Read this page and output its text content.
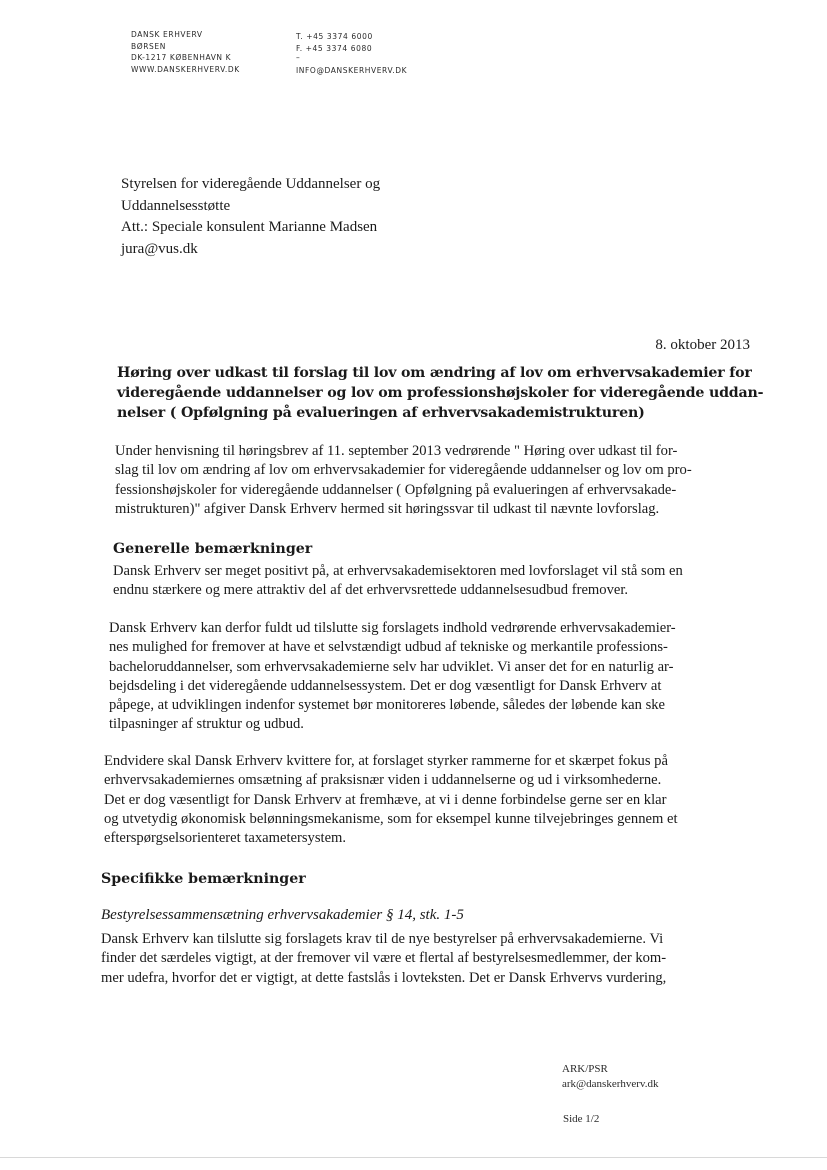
DANSK ERHVERV
BØRSEN
DK-1217 KØBENHAVN K
WWW.DANSKERHVERV.DK
T. +45 3374 6000
F. +45 3374 6080
–
INFO@DANSKERHVERV.DK
Styrelsen for videregående Uddannelser og
Uddannelsesstøtte
Att.: Speciale konsulent Marianne Madsen
jura@vus.dk
8. oktober 2013
Høring over udkast til forslag til lov om ændring af lov om erhvervsakademier for
videregående uddannelser og lov om professionshøjskoler for videregående uddan-
nelser ( Opfølgning på evalueringen af erhvervsakademistrukturen)
Under henvisning til høringsbrev af 11. september 2013 vedrørende " Høring over udkast til for-
slag til lov om ændring af lov om erhvervsakademier for videregående uddannelser og lov om pro-
fessionshøjskoler for videregående uddannelser ( Opfølgning på evalueringen af erhvervsakade-
mistrukturen)" afgiver Dansk Erhverv hermed sit høringssvar til udkast til nævnte lovforslag.
Generelle bemærkninger
Dansk Erhverv ser meget positivt på, at erhvervsakademisektoren med lovforslaget vil stå som en
endnu stærkere og mere attraktiv del af det erhvervsrettede uddannelsesudbud fremover.
Dansk Erhverv kan derfor fuldt ud tilslutte sig forslagets indhold vedrørende erhvervsakademier-
nes mulighed for fremover at have et selvstændigt udbud af tekniske og merkantile professions-
bacheloruddannelser, som erhvervsakademierne selv har udviklet. Vi anser det for en naturlig ar-
bejdsdeling i det videregående uddannelsessystem. Det er dog væsentligt for Dansk Erhverv at
påpege, at udviklingen indenfor systemet bør monitoreres løbende, således der løbende kan ske
tilpasninger af struktur og udbud.
Endvidere skal Dansk Erhverv kvittere for, at forslaget styrker rammerne for et skærpet fokus på
erhvervsakademiernes omsætning af praksisnær viden i uddannelserne og ud i virksomhederne.
Det er dog væsentligt for Dansk Erhverv at fremhæve, at vi i denne forbindelse gerne ser en klar
og utvetydig økonomisk belønningsmekanisme, som for eksempel kunne tilvejebringes gennem et
efterspørgselsorienteret taxametersystem.
Specifikke bemærkninger
Bestyrelsessammensætning erhvervsakademier § 14, stk. 1-5
Dansk Erhverv kan tilslutte sig forslagets krav til de nye bestyrelser på erhvervsakademierne. Vi
finder det særdeles vigtigt, at der fremover vil være et flertal af bestyrelsesmedlemmer, der kom-
mer udefra, hvorfor det er vigtigt, at dette fastslås i lovteksten. Det er Dansk Erhvervs vurdering,
ARK/PSR
ark@danskerhverv.dk
Side 1/2
